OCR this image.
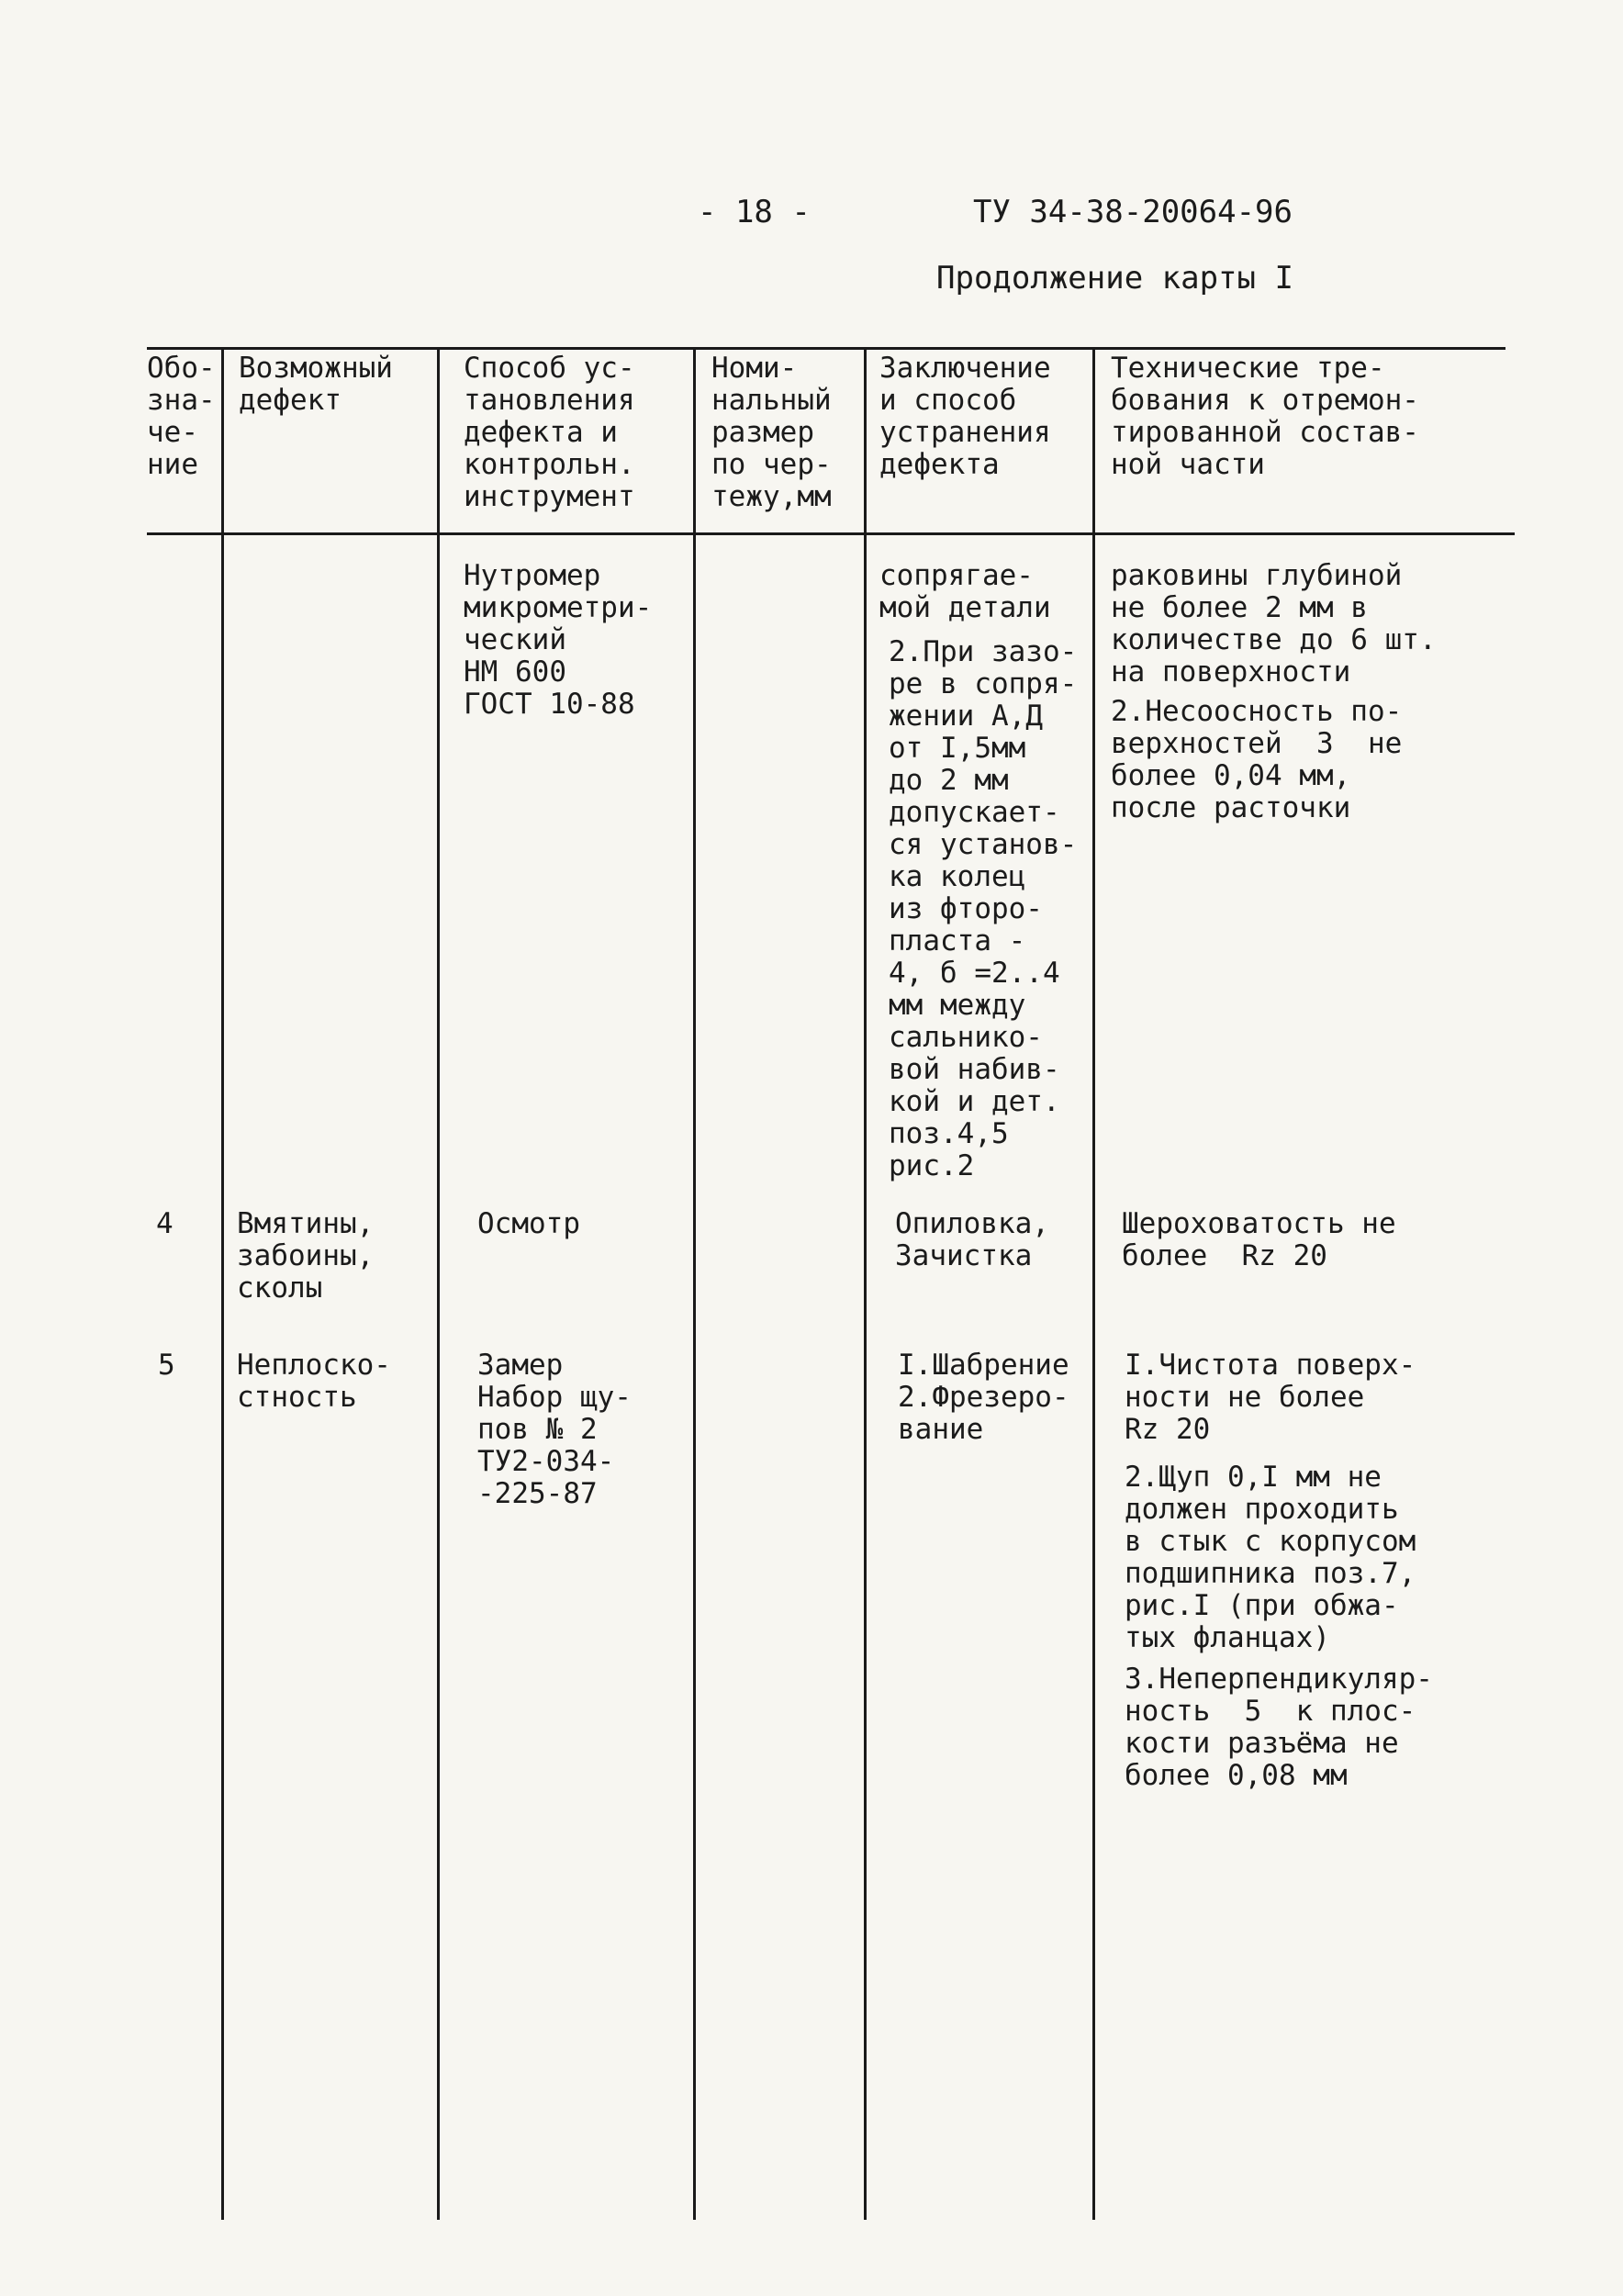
- 18 -	ТУ 34-38-20064-96
Продолжение карты I
Обо-
зна-
че-
ние
Возможный
дефект
Способ ус-
тановления
дефекта и
контрольн.
инструмент
Номи-
нальный
размер
по чер-
тежу,мм
Заключение
и способ
устранения
дефекта
Технические тре-
бования к отремон-
тированной состав-
ной части
Нутромер
микрометри-
ческий
НМ 600
ГОСТ 10-88
сопрягае-
мой детали
2.При зазо-
ре в сопря-
жении А,Д
от I,5мм
до 2 мм
допускает-
ся установ-
ка колец
из фторо-
пласта -
4, б =2..4
мм между
сальнико-
вой набив-
кой и дет.
поз.4,5
рис.2
раковины глубиной
не более 2 мм в
количестве до 6 шт.
на поверхности
2.Несоосность по-
верхностей  3  не
более 0,04 мм,
после расточки
4 Вмятины,
забоины,
сколы
Осмотр	Опиловка,
Зачистка
Шероховатость не
более  Rz 20
5 Неплоско-
стность
Замер
Набор щу-
пов № 2
ТУ2-034-
-225-87
I.Шабрение
2.Фрезеро-
вание
I.Чистота поверх-
ности не более
Rz 20
2.Щуп 0,I мм не
должен проходить
в стык с корпусом
подшипника поз.7,
рис.I (при обжа-
тых фланцах)
3.Неперпендикуляр-
ность  5  к плос-
кости разъёма не
более 0,08 мм
